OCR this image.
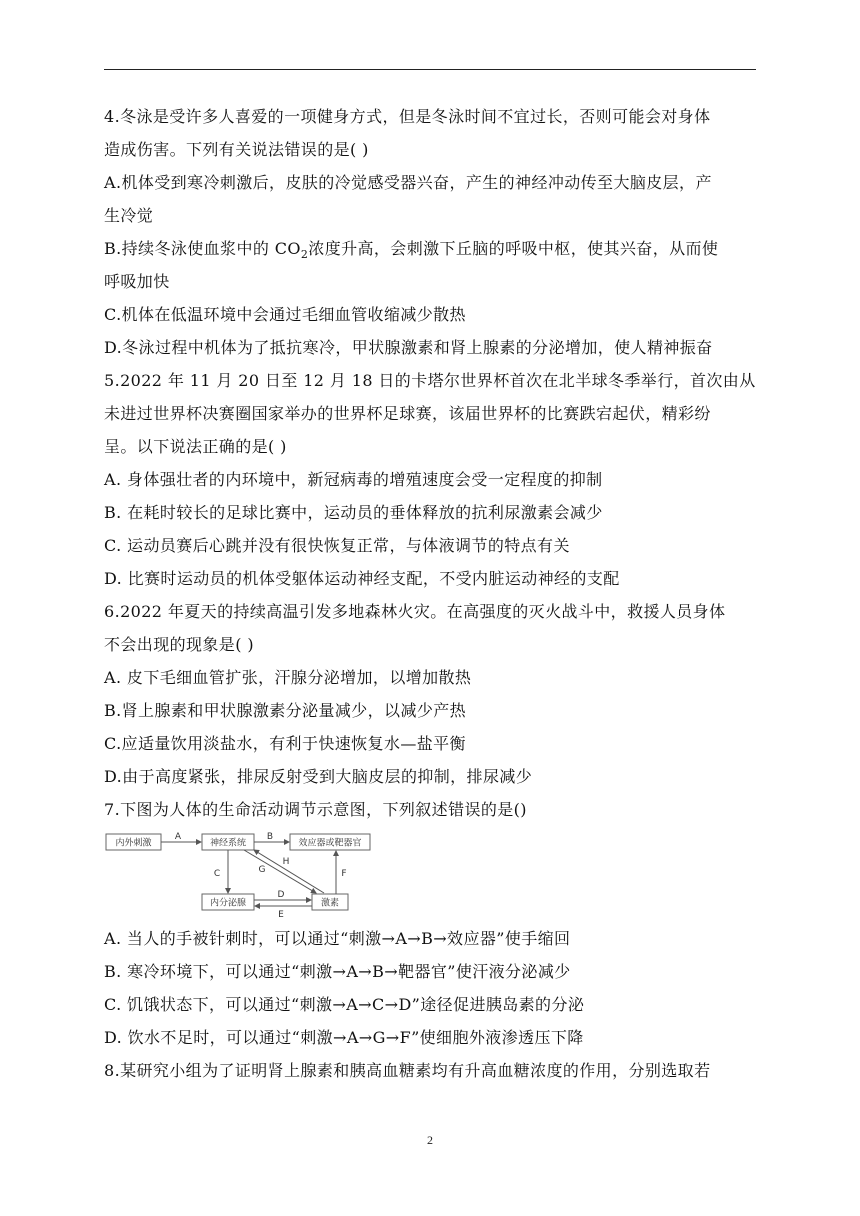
4.冬泳是受许多人喜爱的一项健身方式，但是冬泳时间不宜过长，否则可能会对身体
造成伤害。下列有关说法错误的是( )
A.机体受到寒冷刺激后，皮肤的冷觉感受器兴奋，产生的神经冲动传至大脑皮层，产
生冷觉
B.持续冬泳使血浆中的 $CO_2$浓度升高，会刺激下丘脑的呼吸中枢，使其兴奋，从而使
呼吸加快
C.机体在低温环境中会通过毛细血管收缩减少散热
D.冬泳过程中机体为了抵抗寒冷，甲状腺激素和肾上腺素的分泌增加，使人精神振奋
5.2022 年 11 月 20 日至 12 月 18 日的卡塔尔世界杯首次在北半球冬季举行，首次由从
未进过世界杯决赛圈国家举办的世界杯足球赛，该届世界杯的比赛跌宕起伏，精彩纷
呈。以下说法正确的是( )
A. 身体强壮者的内环境中，新冠病毒的增殖速度会受一定程度的抑制
B. 在耗时较长的足球比赛中，运动员的垂体释放的抗利尿激素会减少
C. 运动员赛后心跳并没有很快恢复正常，与体液调节的特点有关
D. 比赛时运动员的机体受躯体运动神经支配，不受内脏运动神经的支配
6.2022 年夏天的持续高温引发多地森林火灾。在高强度的灭火战斗中，救援人员身体
不会出现的现象是( )
A. 皮下毛细血管扩张，汗腺分泌增加，以增加散热
B.肾上腺素和甲状腺激素分泌量减少，以减少产热
C.应适量饮用淡盐水，有利于快速恢复水—盐平衡
D.由于高度紧张，排尿反射受到大脑皮层的抑制，排尿减少
7.下图为人体的生命活动调节示意图，下列叙述错误的是()
内外刺激	神经系统	效应器或靶器官
内分泌腺	激素
A	B
C
D
E
F
G
H
A. 当人的手被针刺时，可以通过“刺激→A→B→效应器”使手缩回
B. 寒冷环境下，可以通过“刺激→A→B→靶器官”使汗液分泌减少
C. 饥饿状态下，可以通过“刺激→A→C→D”途径促进胰岛素的分泌
D. 饮水不足时，可以通过“刺激→A→G→F”使细胞外液渗透压下降
8.某研究小组为了证明肾上腺素和胰高血糖素均有升高血糖浓度的作用，分别选取若
2
